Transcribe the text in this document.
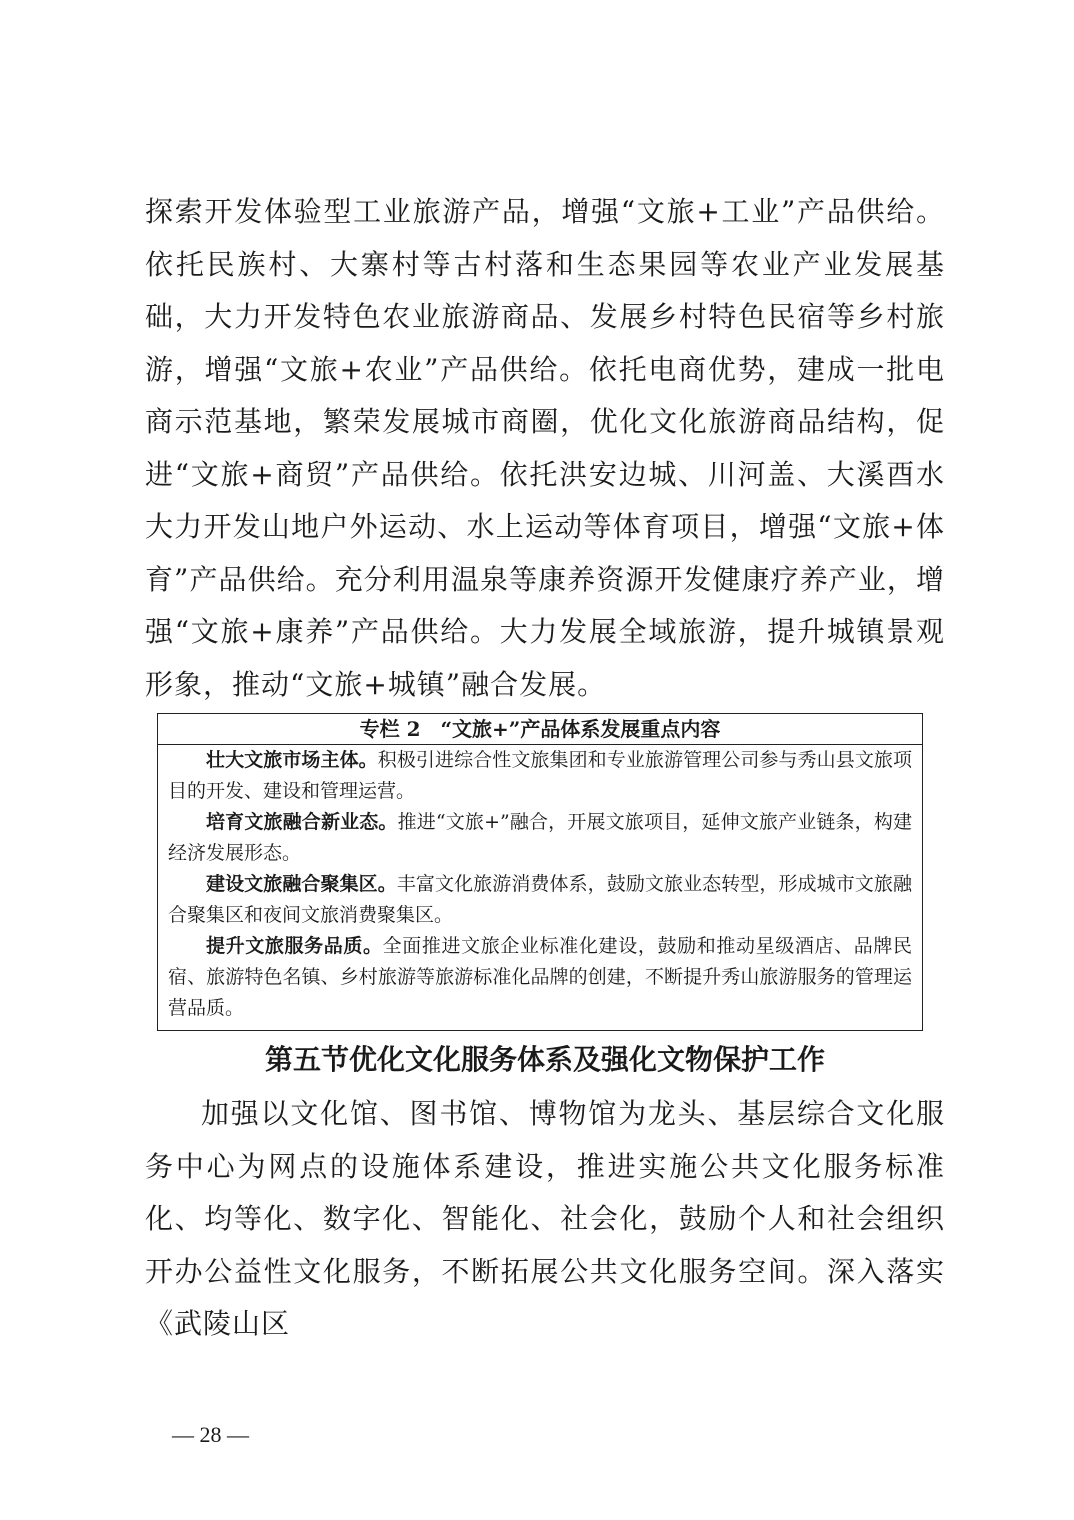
探索开发体验型工业旅游产品，增强“文旅+工业”产品供给。依托民族村、大寨村等古村落和生态果园等农业产业发展基础，大力开发特色农业旅游商品、发展乡村特色民宿等乡村旅游，增强“文旅+农业”产品供给。依托电商优势，建成一批电商示范基地，繁荣发展城市商圈，优化文化旅游商品结构，促进“文旅+商贸”产品供给。依托洪安边城、川河盖、大溪酉水大力开发山地户外运动、水上运动等体育项目，增强“文旅+体育”产品供给。充分利用温泉等康养资源开发健康疗养产业，增强“文旅+康养”产品供给。大力发展全域旅游，提升城镇景观形象，推动“文旅+城镇”融合发展。

专栏 2　“文旅+”产品体系发展重点内容
壮大文旅市场主体。积极引进综合性文旅集团和专业旅游管理公司参与秀山县文旅项目的开发、建设和管理运营。
培育文旅融合新业态。推进“文旅+”融合，开展文旅项目，延伸文旅产业链条，构建经济发展形态。
建设文旅融合聚集区。丰富文化旅游消费体系，鼓励文旅业态转型，形成城市文旅融合聚集区和夜间文旅消费聚集区。
提升文旅服务品质。全面推进文旅企业标准化建设，鼓励和推动星级酒店、品牌民宿、旅游特色名镇、乡村旅游等旅游标准化品牌的创建，不断提升秀山旅游服务的管理运营品质。
第五节优化文化服务体系及强化文物保护工作

加强以文化馆、图书馆、博物馆为龙头、基层综合文化服务中心为网点的设施体系建设，推进实施公共文化服务标准化、均等化、数字化、智能化、社会化，鼓励个人和社会组织开办公益性文化服务，不断拓展公共文化服务空间。深入落实《武陵山区

— 28 —
